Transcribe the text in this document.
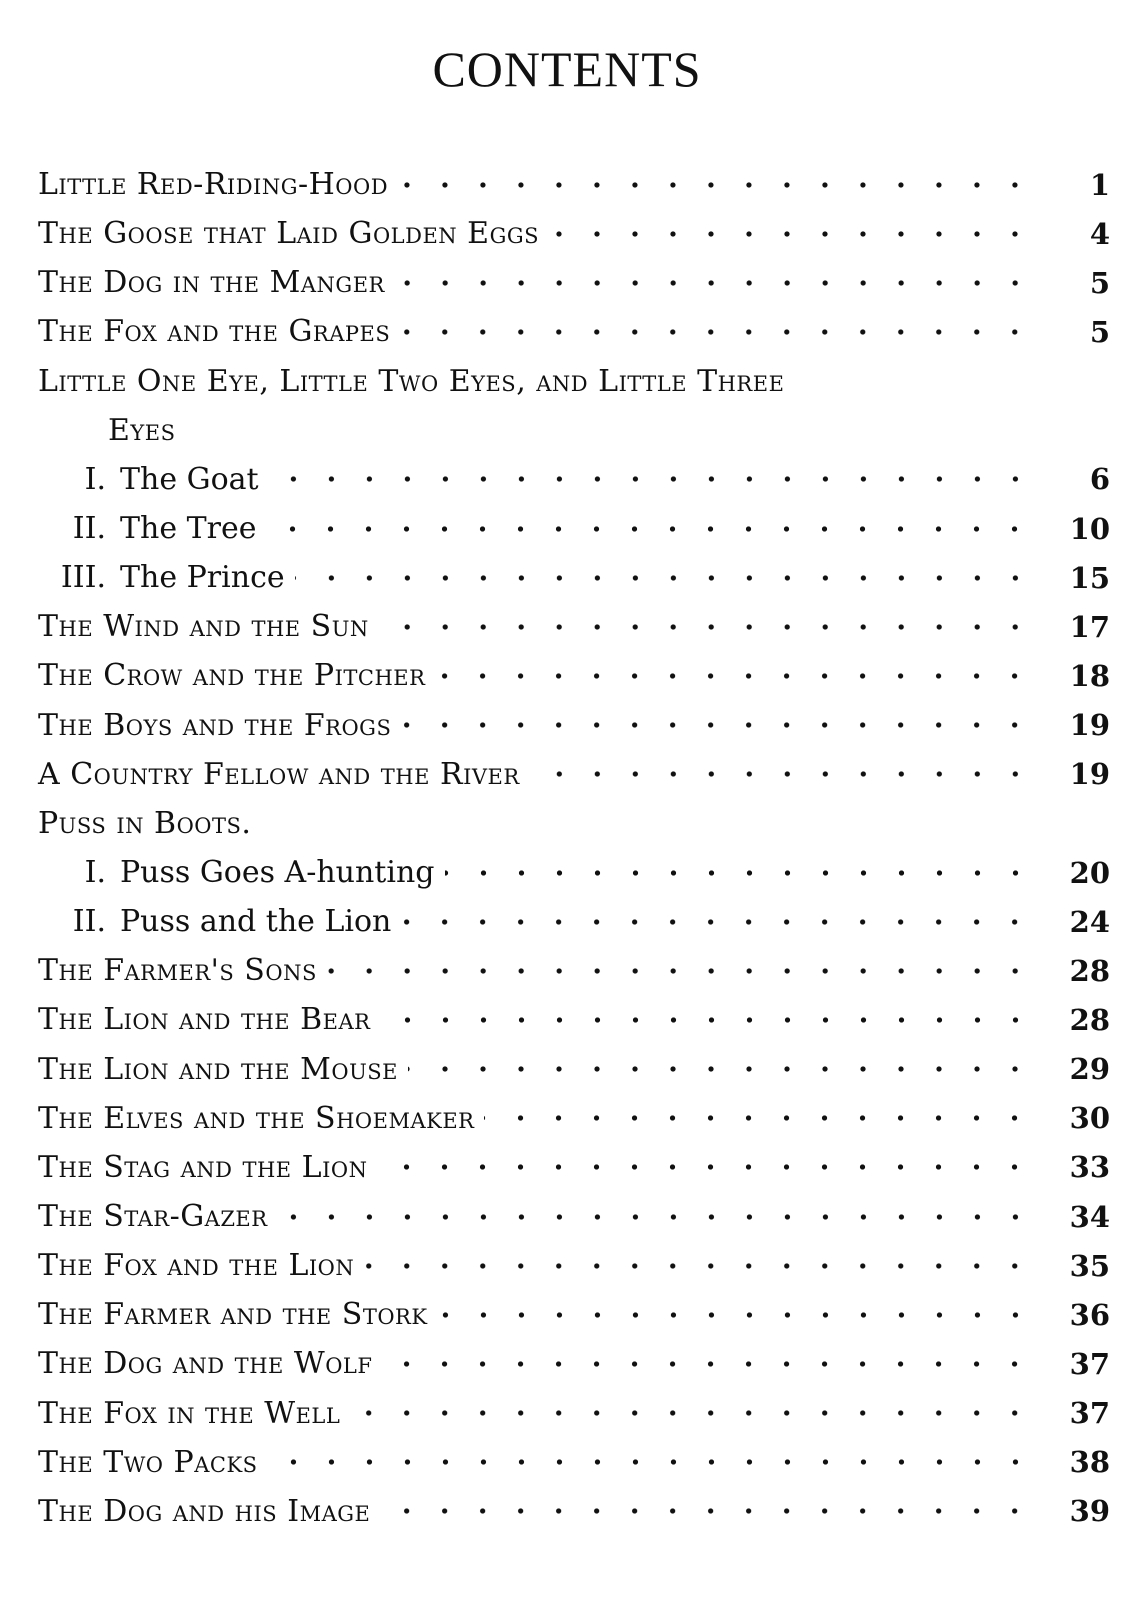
CONTENTS
Little Red-Riding-Hood	1
The Goose that Laid Golden Eggs	4
The Dog in the Manger	5
The Fox and the Grapes	5
Little One Eye, Little Two Eyes, and Little Three
Eyes
I. The Goat	6
II. The Tree	10
III. The Prince	15
The Wind and the Sun	17
The Crow and the Pitcher	18
The Boys and the Frogs	19
A Country Fellow and the River	19
Puss in Boots.
I. Puss Goes A-hunting	20
II. Puss and the Lion	24
The Farmer's Sons	28
The Lion and the Bear	28
The Lion and the Mouse	29
The Elves and the Shoemaker	30
The Stag and the Lion	33
The Star-Gazer	34
The Fox and the Lion	35
The Farmer and the Stork	36
The Dog and the Wolf	37
The Fox in the Well	37
The Two Packs	38
The Dog and his Image	39
